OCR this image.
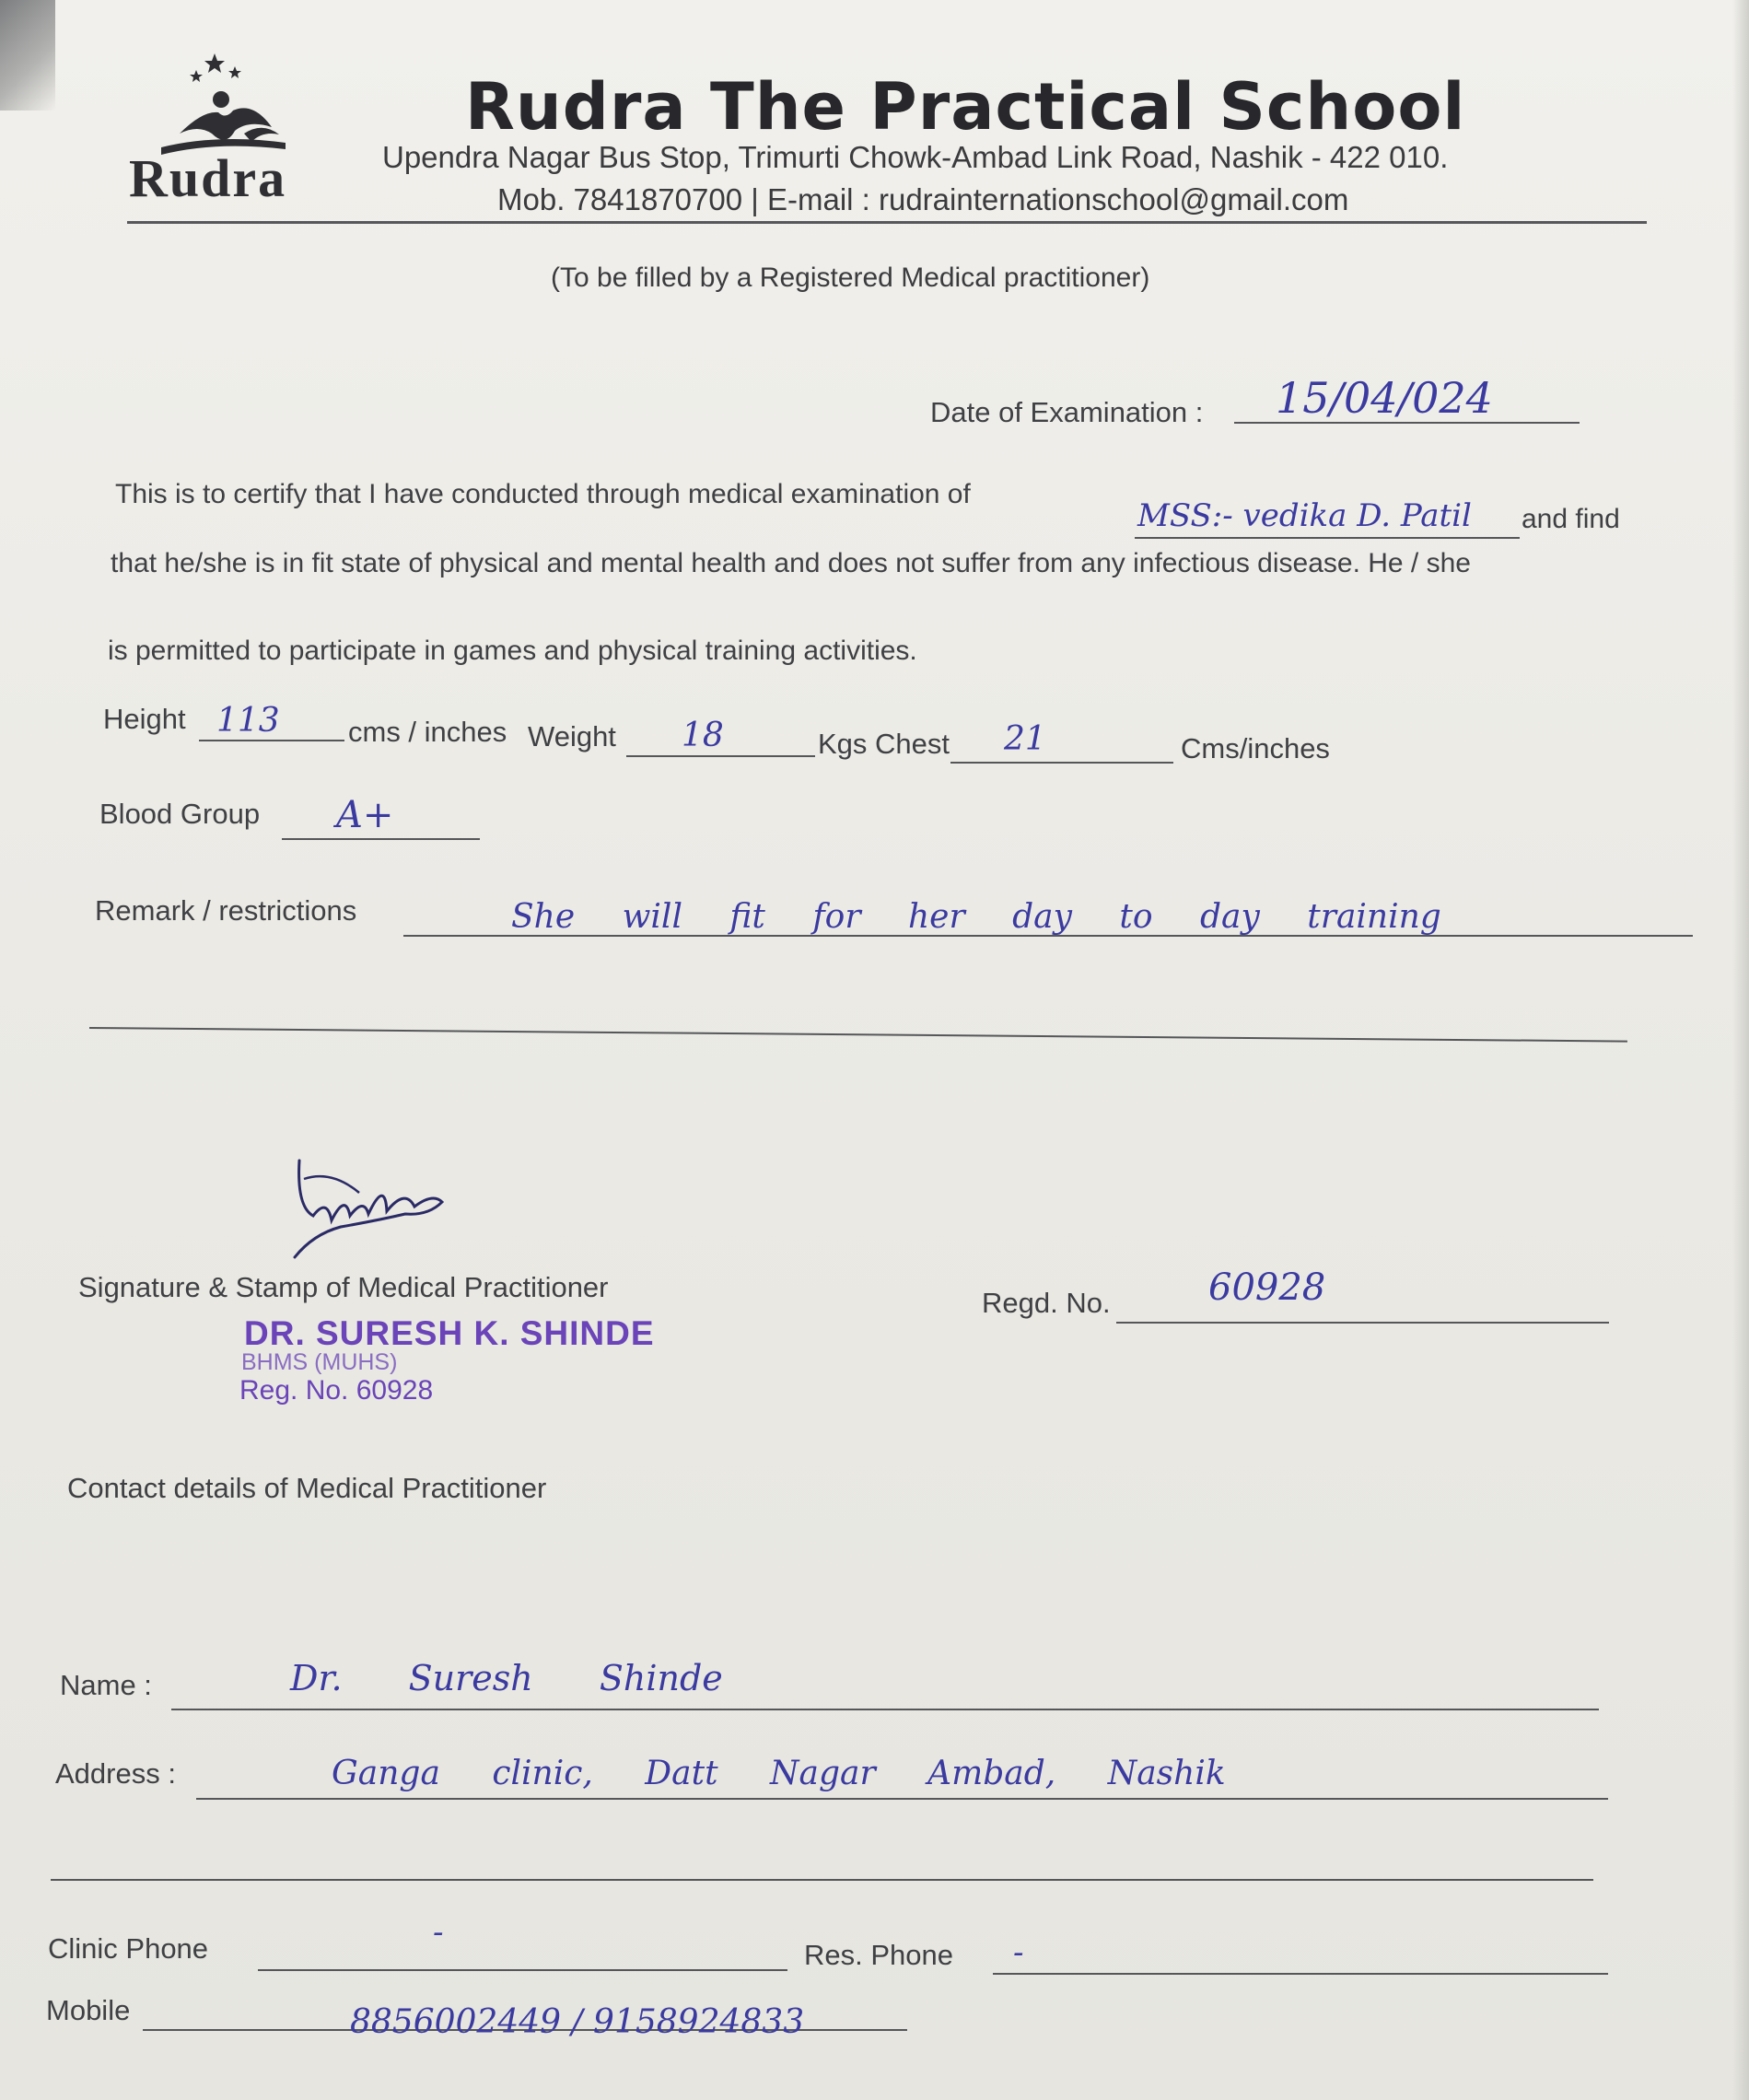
Rudra
Rudra The Practical School
Upendra Nagar Bus Stop, Trimurti Chowk-Ambad Link Road, Nashik - 422 010.
Mob. 7841870700 | E-mail : rudrainternationschool@gmail.com
(To be filled by a Registered Medical practitioner)
Date of Examination : 15/04/024
This is to certify that I have conducted through medical examination of
MSS:- vedika D. Patil and find
that he/she is in fit state of physical and mental health and does not suffer from any infectious disease. He / she
is permitted to participate in games and physical training activities.
Height 113 cms / inches Weight 18	Kgs Chest 21	Cms/inches
Blood Group A+
Remark / restrictions	She will fit for her day to day training
Signature & Stamp of Medical Practitioner
DR. SURESH K. SHINDE
BHMS (MUHS)
Reg. No. 60928
Regd. No.	60928
Contact details of Medical Practitioner
Name :	Dr. Suresh Shinde
Address :	Ganga clinic, Datt Nagar Ambad, Nashik
Clinic Phone	-
Res. Phone -
Mobile	8856002449 / 9158924833
